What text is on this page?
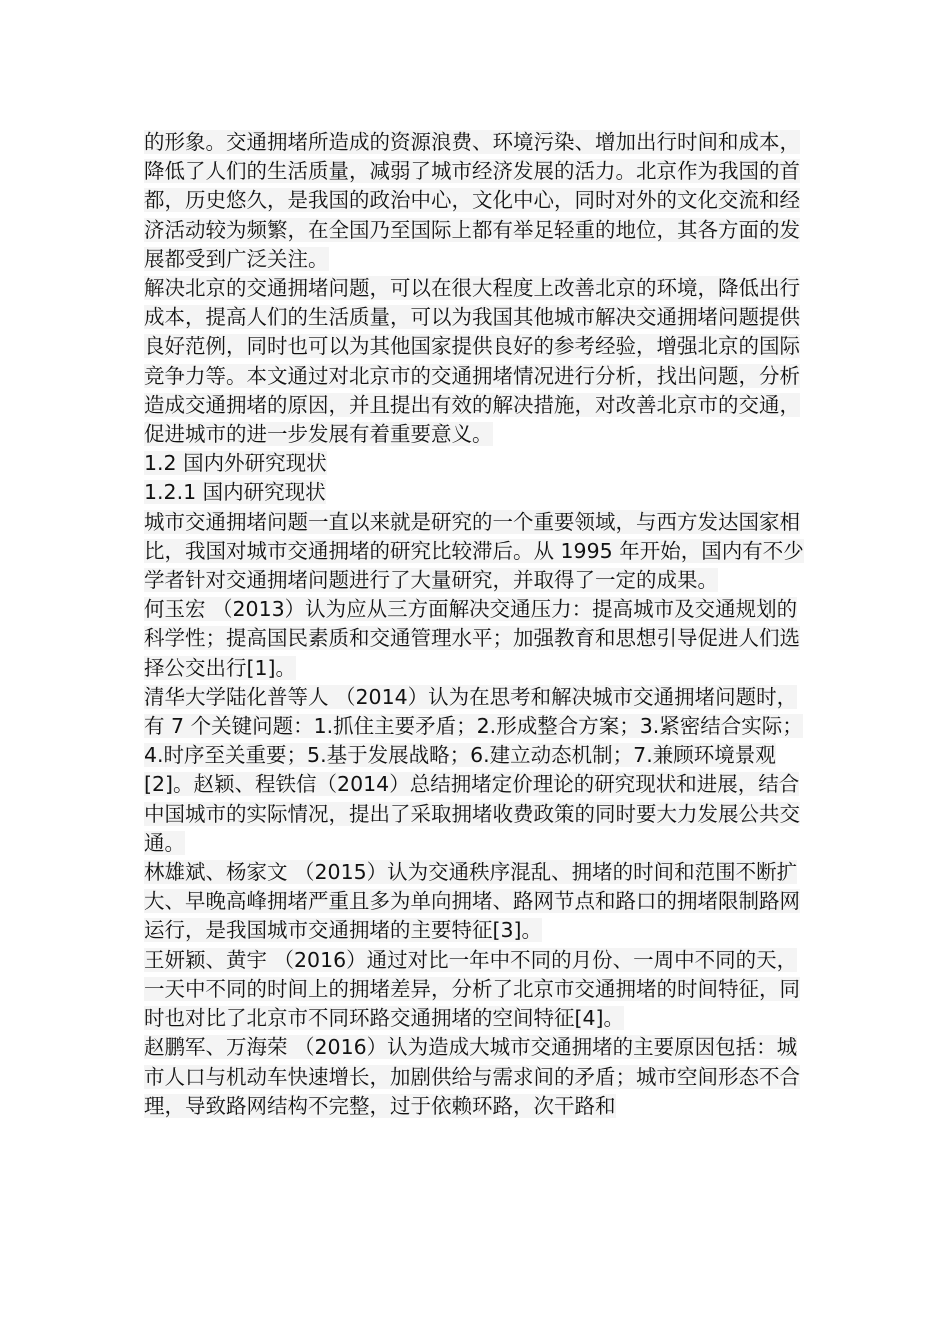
的形象。交通拥堵所造成的资源浪费、环境污染、增加出行时间和成本，降低了人们的生活质量，减弱了城市经济发展的活力。北京作为我国的首都，历史悠久，是我国的政治中心，文化中心，同时对外的文化交流和经济活动较为频繁，在全国乃至国际上都有举足轻重的地位，其各方面的发展都受到广泛关注。

解决北京的交通拥堵问题，可以在很大程度上改善北京的环境，降低出行成本，提高人们的生活质量，可以为我国其他城市解决交通拥堵问题提供良好范例，同时也可以为其他国家提供良好的参考经验，增强北京的国际竞争力等。本文通过对北京市的交通拥堵情况进行分析，找出问题，分析造成交通拥堵的原因，并且提出有效的解决措施，对改善北京市的交通，促进城市的进一步发展有着重要意义。

1.2 国内外研究现状
1.2.1 国内研究现状

城市交通拥堵问题一直以来就是研究的一个重要领域，与西方发达国家相比，我国对城市交通拥堵的研究比较滞后。从 1995 年开始，国内有不少学者针对交通拥堵问题进行了大量研究，并取得了一定的成果。

何玉宏 （2013）认为应从三方面解决交通压力：提高城市及交通规划的科学性；提高国民素质和交通管理水平；加强教育和思想引导促进人们选择公交出行[1]。

清华大学陆化普等人 （2014）认为在思考和解决城市交通拥堵问题时，有 7 个关键问题：1.抓住主要矛盾；2.形成整合方案；3.紧密结合实际；4.时序至关重要；5.基于发展战略；6.建立动态机制；7.兼顾环境景观[2]。赵颖、程铁信（2014）总结拥堵定价理论的研究现状和进展，结合中国城市的实际情况，提出了采取拥堵收费政策的同时要大力发展公共交通。

林雄斌、杨家文 （2015）认为交通秩序混乱、拥堵的时间和范围不断扩大、早晚高峰拥堵严重且多为单向拥堵、路网节点和路口的拥堵限制路网运行，是我国城市交通拥堵的主要特征[3]。

王妍颖、黄宇 （2016）通过对比一年中不同的月份、一周中不同的天，一天中不同的时间上的拥堵差异，分析了北京市交通拥堵的时间特征，同时也对比了北京市不同环路交通拥堵的空间特征[4]。

赵鹏军、万海荣 （2016）认为造成大城市交通拥堵的主要原因包括：城市人口与机动车快速增长，加剧供给与需求间的矛盾；城市空间形态不合理，导致路网结构不完整，过于依赖环路，次干路和
